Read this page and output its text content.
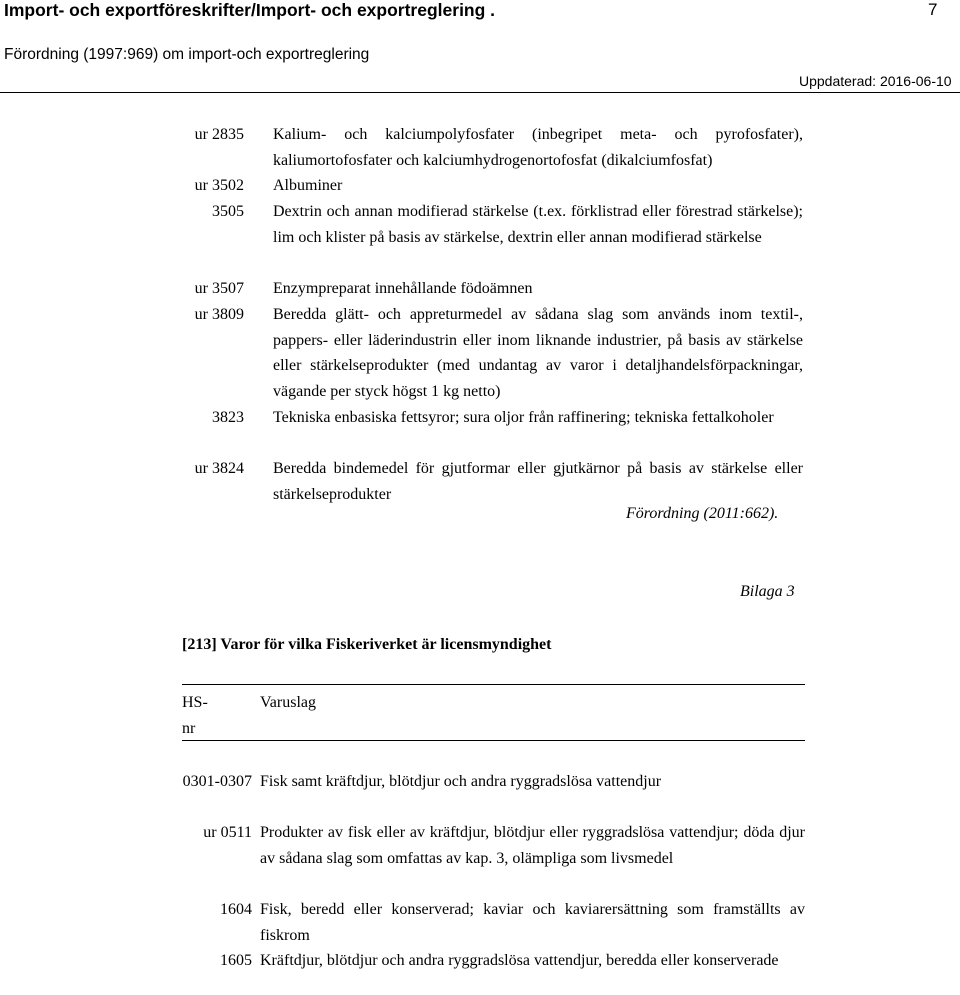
Import- och exportföreskrifter/Import- och exportreglering .	7
Förordning (1997:969) om import-och exportreglering
Uppdaterad: 2016-06-10
ur 2835 Kalium- och kalciumpolyfosfater (inbegripet meta- och pyrofosfater), kaliumortofosfater och kalciumhydrogenortofosfat (dikalciumfosfat)
ur 3502 Albuminer
3505 Dextrin och annan modifierad stärkelse (t.ex. förklistrad eller förestrad stärkelse); lim och klister på basis av stärkelse, dextrin eller annan modifierad stärkelse
ur 3507 Enzympreparat innehållande födoämnen
ur 3809 Beredda glätt- och appreturmedel av sådana slag som används inom textil-, pappers- eller läderindustrin eller inom liknande industrier, på basis av stärkelse eller stärkelseprodukter (med undantag av varor i detaljhandelsförpackningar, vägande per styck högst 1 kg netto)
3823 Tekniska enbasiska fettsyror; sura oljor från raffinering; tekniska fettalkoholer
ur 3824 Beredda bindemedel för gjutformar eller gjutkärnor på basis av stärkelse eller stärkelseprodukter
Förordning (2011:662).
Bilaga 3
[213] Varor för vilka Fiskeriverket är licensmyndighet
HS-nr
Varuslag
0301-0307 Fisk samt kräftdjur, blötdjur och andra ryggradslösa vattendjur
ur 0511 Produkter av fisk eller av kräftdjur, blötdjur eller ryggradslösa vattendjur; döda djur av sådana slag som omfattas av kap. 3, olämpliga som livsmedel
1604 Fisk, beredd eller konserverad; kaviar och kaviarersättning som framställts av fiskrom
1605 Kräftdjur, blötdjur och andra ryggradslösa vattendjur, beredda eller konserverade
